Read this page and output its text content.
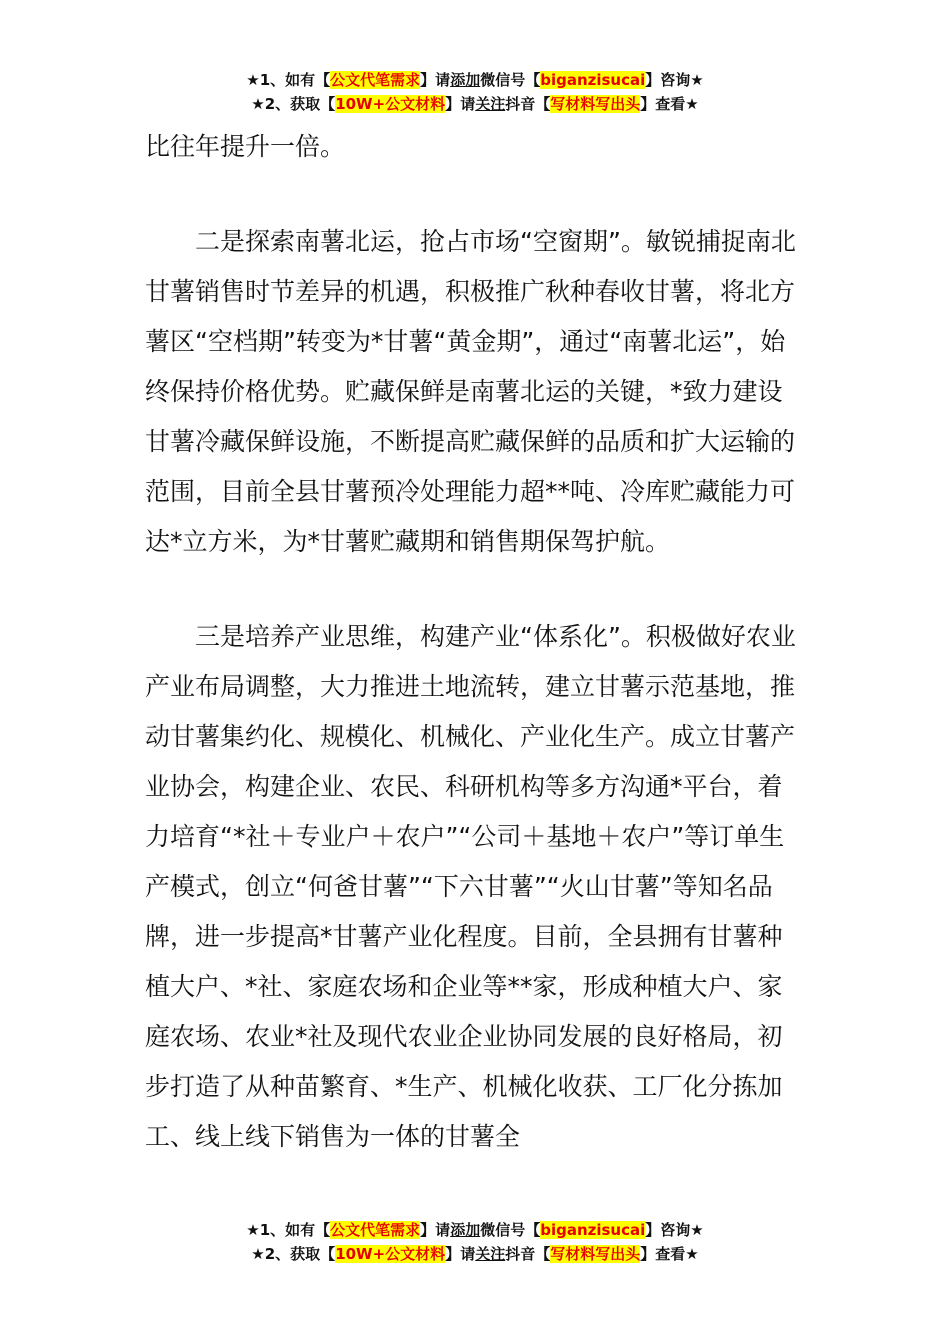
★1、如有【公文代笔需求】请添加微信号【biganzisucai】咨询★
★2、获取【10W+公文材料】请关注抖音【写材料写出头】查看★

比往年提升一倍。

二是探索南薯北运，抢占市场“空窗期”。敏锐捕捉南北甘薯销售时节差异的机遇，积极推广秋种春收甘薯，将北方薯区“空档期”转变为*甘薯“黄金期”，通过“南薯北运”，始终保持价格优势。贮藏保鲜是南薯北运的关键，*致力建设甘薯冷藏保鲜设施，不断提高贮藏保鲜的品质和扩大运输的范围，目前全县甘薯预冷处理能力超**吨、冷库贮藏能力可达*立方米，为*甘薯贮藏期和销售期保驾护航。

三是培养产业思维，构建产业“体系化”。积极做好农业产业布局调整，大力推进土地流转，建立甘薯示范基地，推动甘薯集约化、规模化、机械化、产业化生产。成立甘薯产业协会，构建企业、农民、科研机构等多方沟通*平台，着力培育“*社＋专业户＋农户”“公司＋基地＋农户”等订单生产模式，创立“何爸甘薯”“下六甘薯”“火山甘薯”等知名品牌，进一步提高*甘薯产业化程度。目前，全县拥有甘薯种植大户、*社、家庭农场和企业等**家，形成种植大户、家庭农场、农业*社及现代农业企业协同发展的良好格局，初步打造了从种苗繁育、*生产、机械化收获、工厂化分拣加工、线上线下销售为一体的甘薯全

★1、如有【公文代笔需求】请添加微信号【biganzisucai】咨询★
★2、获取【10W+公文材料】请关注抖音【写材料写出头】查看★
